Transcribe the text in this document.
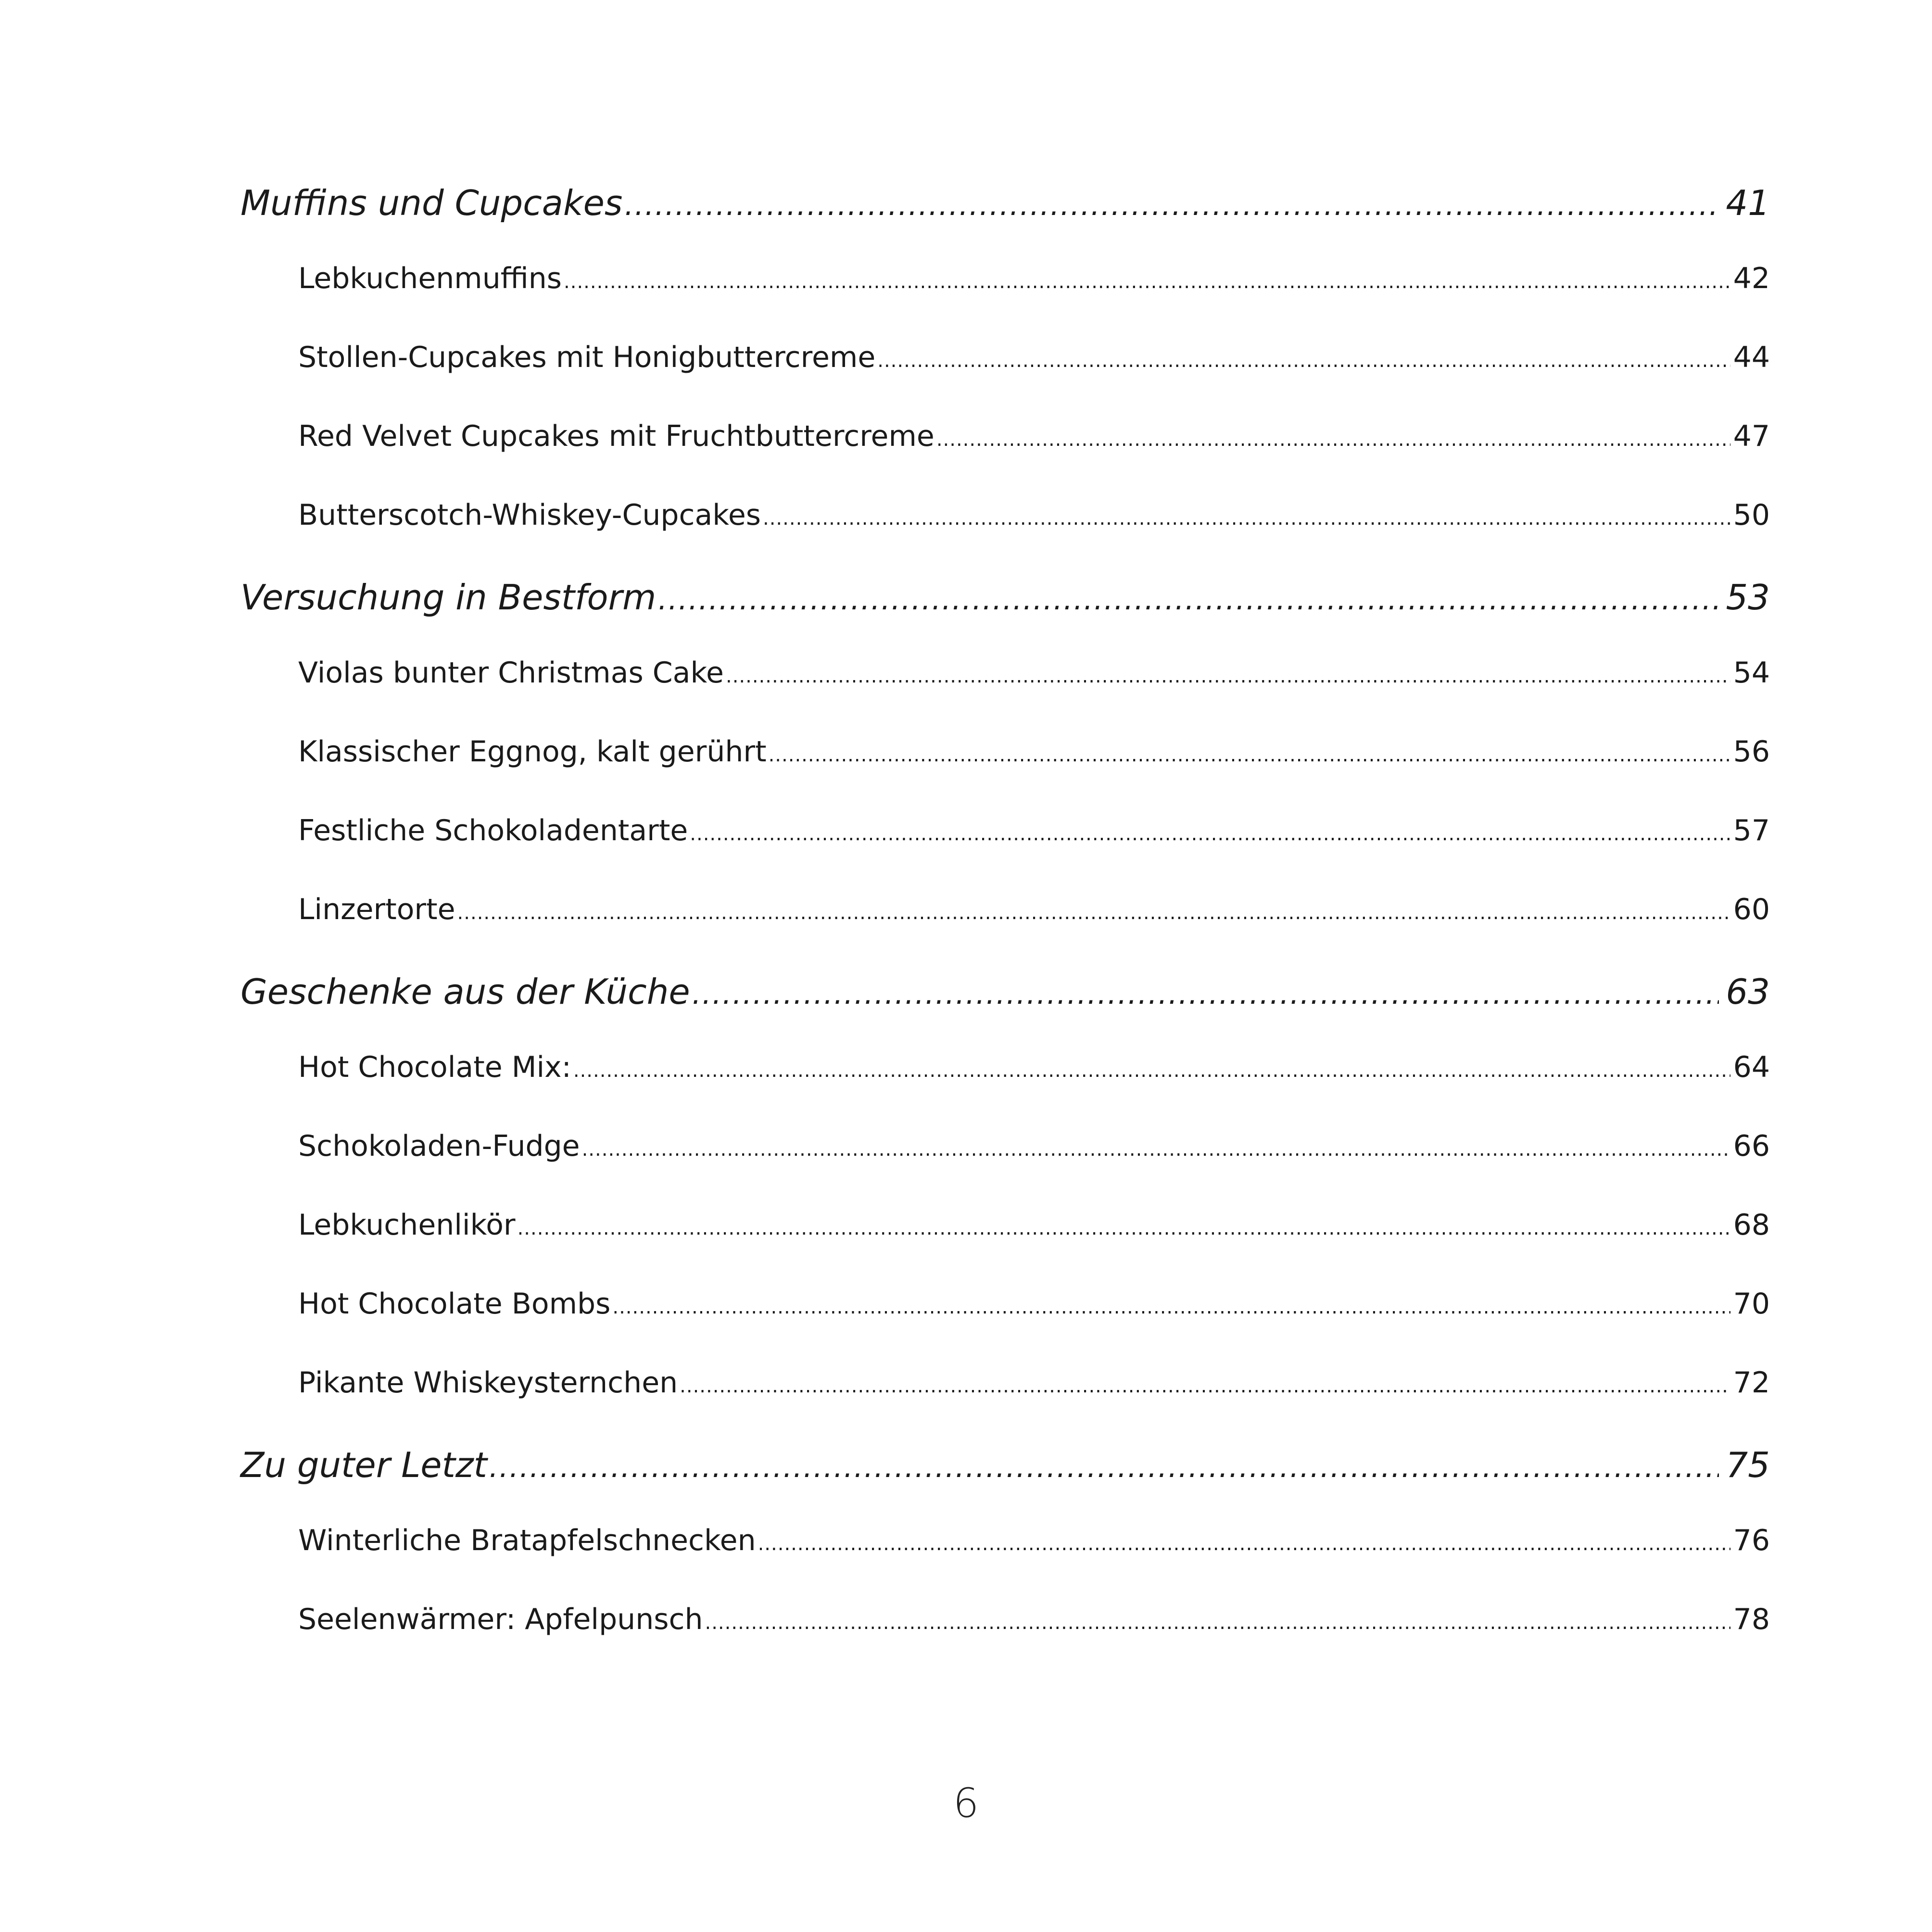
Muffins und Cupcakes .....	41
Lebkuchenmuffins .....	42
Stollen-Cupcakes mit Honigbuttercreme .....	44
Red Velvet Cupcakes mit Fruchtbuttercreme .....	47
Butterscotch-Whiskey-Cupcakes .....	50
Versuchung in Bestform .....	53
Violas bunter Christmas Cake .....	54
Klassischer Eggnog, kalt gerührt .....	56
Festliche Schokoladentarte .....	57
Linzertorte .....	60
Geschenke aus der Küche .....	63
Hot Chocolate Mix: .....	64
Schokoladen-Fudge .....	66
Lebkuchenlikör .....	68
Hot Chocolate Bombs .....	70
Pikante Whiskeysternchen .....	72
Zu guter Letzt .....	75
Winterliche Bratapfelschnecken .....	76
Seelenwärmer: Apfelpunsch .....	78
6
